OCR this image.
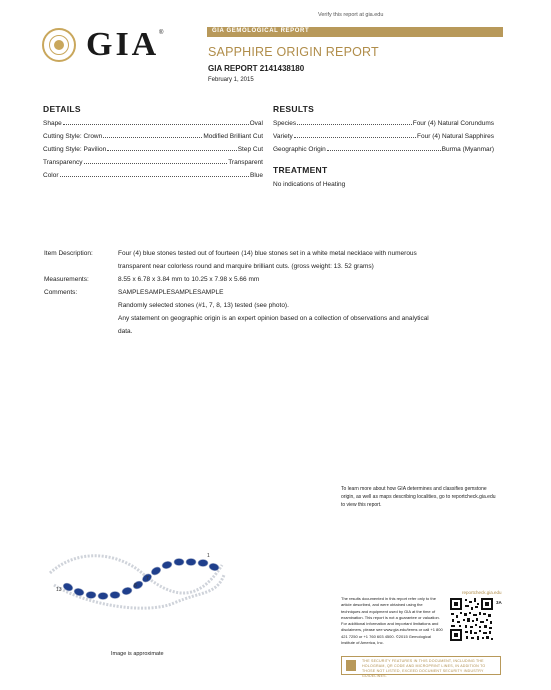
Verify this report at gia.edu
GIA ®	GIA GEMOLOGICAL REPORT
SAPPHIRE ORIGIN REPORT
GIA REPORT 2141438180
February 1, 2015
DETAILS
Shape	Oval
Cutting Style: Crown	Modified Brilliant Cut
Cutting Style: Pavilion	Step Cut
Transparency	Transparent
Color	Blue
RESULTS
Species	Four (4) Natural Corundums
Variety	Four (4) Natural Sapphires
Geographic Origin	Burma (Myanmar)
TREATMENT
No indications of Heating
Item Description:	Four (4) blue stones tested out of fourteen (14) blue stones set in a white metal necklace with numerous
transparent near colorless round and marquire brilliant cuts. (gross weight: 13. 52 grams)
Measurements:	8.55 x 6.78 x 3.84 mm to 10.25 x 7.98 x 5.66 mm
Comments:	SAMPLESAMPLESAMPLESAMPLE
Randomly selected stones (#1, 7, 8, 13) tested (see photo).
Any statement on geographic origin is an expert opinion based on a collection of observations and analytical
data.
To learn more about how GIA determines and classifies gemstone origin, as well as maps describing localities, go to reportcheck.gia.edu to view this report.
1
7
8
13
Image is approximate
reportcheck.gia.edu
The results documented in this report refer only to the article described, and were obtained using the techniques and equipment used by GIA at the time of examination. This report is not a guarantee or valuation. For additional information and important limitations and disclaimers, please see www.gia.edu/terms or call +1 800 421 7250 or +1 760 603 4500. ©2015 Gemological Institute of America, Inc.
3A
THE SECURITY FEATURES IN THIS DOCUMENT, INCLUDING THE HOLOGRAM, QR CODE AND MICROPRINT LINES, IN ADDITION TO THOSE NOT LISTED, EXCEED DOCUMENT SECURITY INDUSTRY GUIDELINES.
